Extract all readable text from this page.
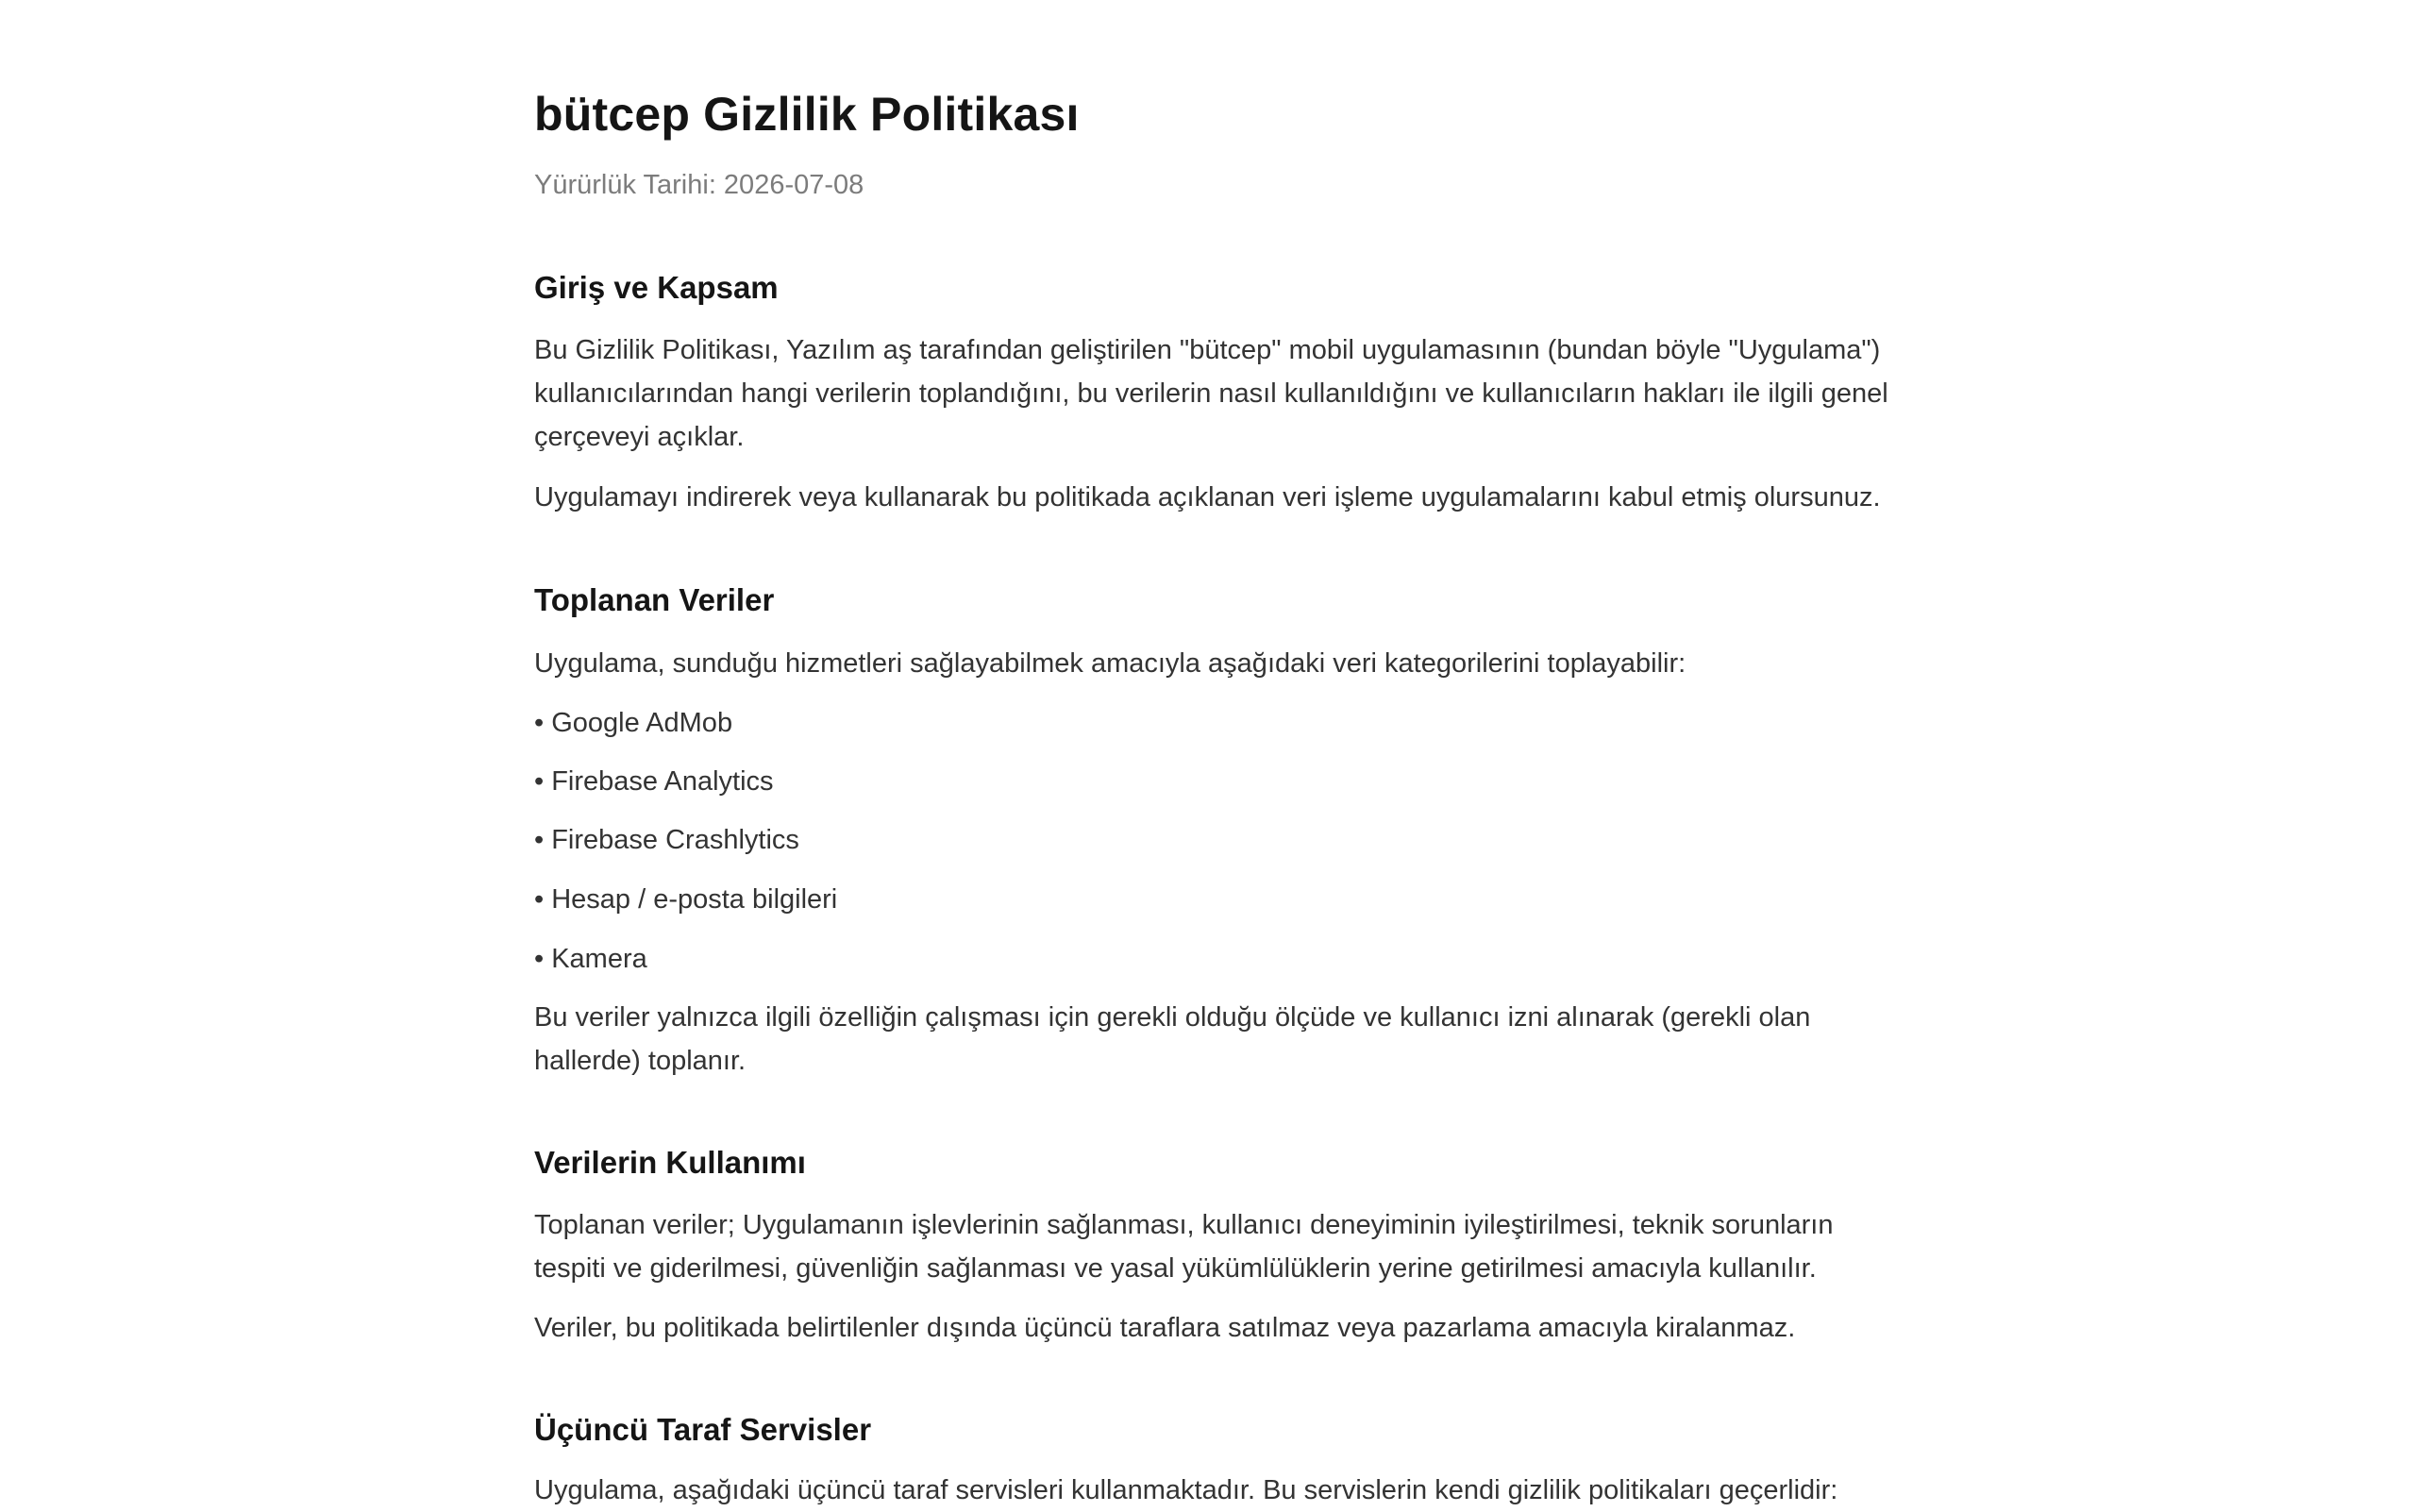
bütcep Gizlilik Politikası

Yürürlük Tarihi: 2026-07-08

Giriş ve Kapsam

Bu Gizlilik Politikası, Yazılım aş tarafından geliştirilen "bütcep" mobil uygulamasının (bundan böyle "Uygulama") kullanıcılarından hangi verilerin toplandığını, bu verilerin nasıl kullanıldığını ve kullanıcıların hakları ile ilgili genel çerçeveyi açıklar.

Uygulamayı indirerek veya kullanarak bu politikada açıklanan veri işleme uygulamalarını kabul etmiş olursunuz.

Toplanan Veriler

Uygulama, sunduğu hizmetleri sağlayabilmek amacıyla aşağıdaki veri kategorilerini toplayabilir:

• Google AdMob

• Firebase Analytics

• Firebase Crashlytics

• Hesap / e-posta bilgileri

• Kamera

Bu veriler yalnızca ilgili özelliğin çalışması için gerekli olduğu ölçüde ve kullanıcı izni alınarak (gerekli olan hallerde) toplanır.

Verilerin Kullanımı

Toplanan veriler; Uygulamanın işlevlerinin sağlanması, kullanıcı deneyiminin iyileştirilmesi, teknik sorunların tespiti ve giderilmesi, güvenliğin sağlanması ve yasal yükümlülüklerin yerine getirilmesi amacıyla kullanılır.

Veriler, bu politikada belirtilenler dışında üçüncü taraflara satılmaz veya pazarlama amacıyla kiralanmaz.

Üçüncü Taraf Servisler

Uygulama, aşağıdaki üçüncü taraf servisleri kullanmaktadır. Bu servislerin kendi gizlilik politikaları geçerlidir:
